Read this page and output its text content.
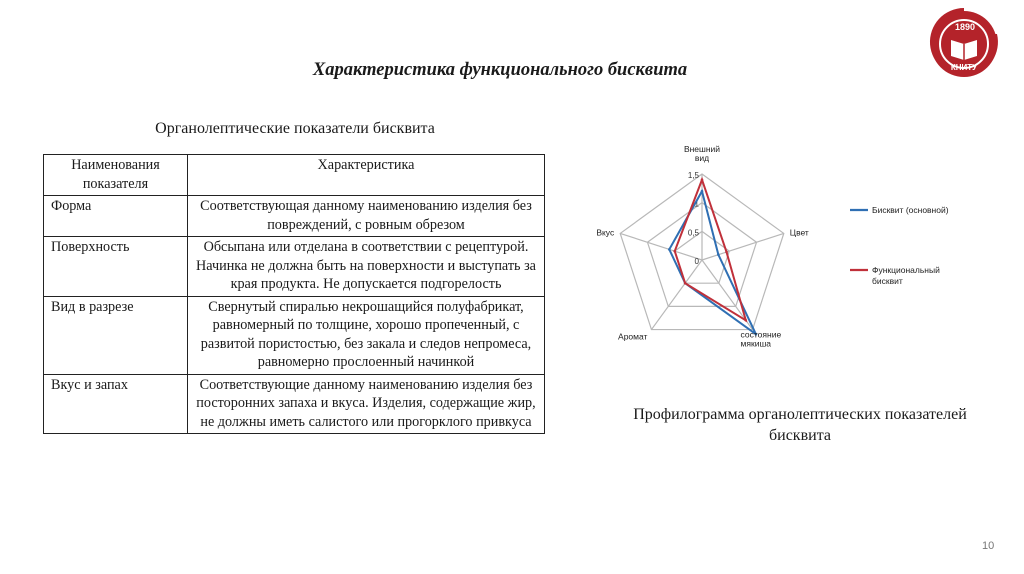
Характеристика функционального бисквита
Органолептические показатели бисквита
Наименования показателя	Характеристика
Форма	Соответствующая данному наименованию изделия без повреждений, с ровным обрезом
Поверхность	Обсыпана или отделана в соответствии с рецептурой. Начинка не должна быть на поверхности и выступать за края продукта. Не допускается подгорелость
Вид в разрезе	Свернутый спиралью некрошащийся полуфабрикат, равномерный по толщине, хорошо пропеченный, с развитой пористостью, без закала и следов непромеса, равномерно прослоенный начинкой
Вкус и запах	Соответствующие данному наименованию изделия без посторонних запаха и вкуса. Изделия, содержащие жир, не должны иметь салистого или прогорклого привкуса
0
0,5
1
1,5
Внешний вид
Цвет
состояние мякиша
Аромат
Вкус
Бисквит (основной)
Функциональный бисквит
Профилограмма органолептических показателей
бисквита
1890
КНИТУ
10
